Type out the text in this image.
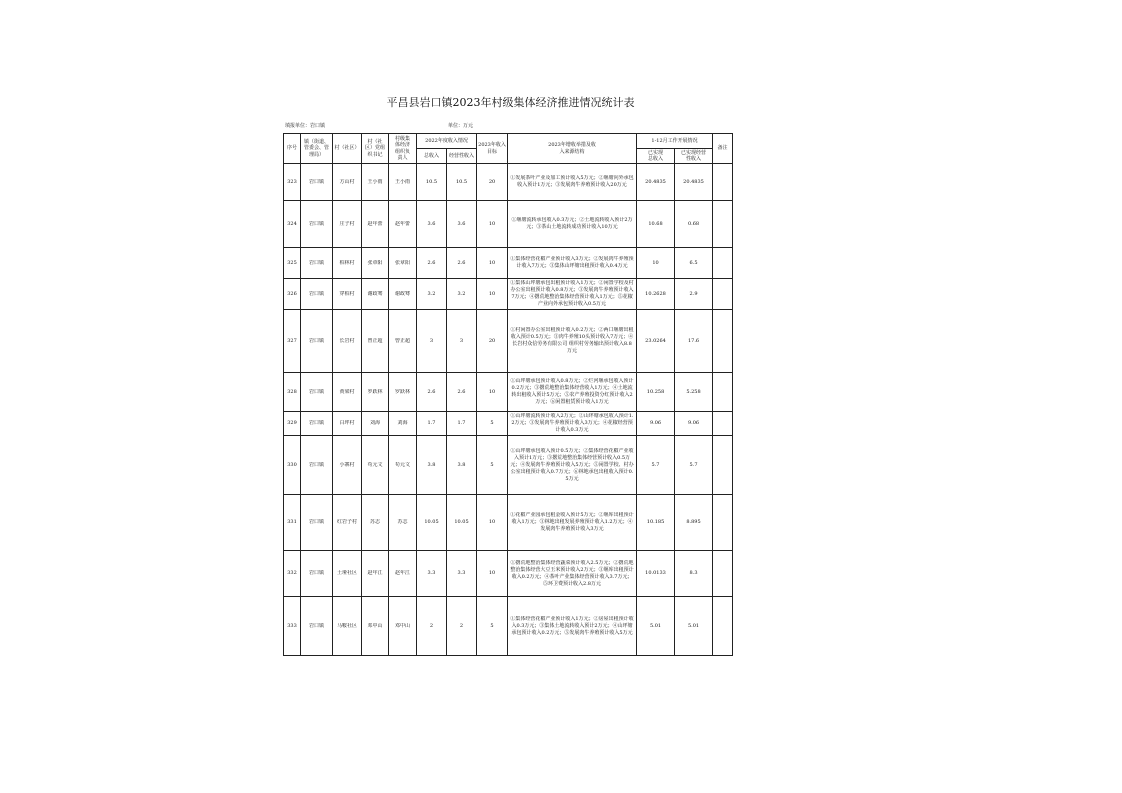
平昌县岩口镇2023年村级集体经济推进情况统计表
填报单位：岩口镇	单位：万元
序号	镇（街道、管委会、管理局）	村（社区）	村（社区）党组织书记	村级集体经济组织负责人	2022年度收入情况		2023年收入目标	2023年增收举措及收入来源结构	1-12月工作开展情况		备注
					总收入	经营性收入			已实现总收入	已实现经营性收入	

323	岩口镇	方山村	王小雨	王小雨	10.5	10.5	20	①发展茶叶产业及加工预计收入5万元；②堰塘向外承包收入预计1万元；③发展肉牛养殖预计收入20万元	20.4835	20.4835	

324	岩口镇	庄子村	赵年蕾	赵年蕾	3.6	3.6	10	①堰塘流转承包收入0.3万元；②土地流转收入预计2万元；③茶山土地流转成功预计收入10万元	10.68	0.68	

325	岩口镇	柏林村	张章阳	张章阳	2.6	2.6	10	①集体经营花椒产业预计收入3万元；②发展肉牛养殖预计收入7万元；③集体山坪塘出租预计收入0.4万元	10	6.5	

326	岩口镇	穿柏村	谢政骞	谢政骞	3.2	3.2	10	①集体山坪塘承包出租预计收入1万元；②闲置学校及村办公室出租预计收入0.8万元；③发展肉牛养殖预计收入7万元；④撂荒地整治集体经营预计收入1万元；⑤花椒产业向外承包预计收入0.5万元	10.2628	2.9	

327	岩口镇	长岩村	曾正超	曾正超	3	3	20	①村闲置办公室出租预计收入0.2万元；②两口堰塘出租收入预计0.5万元；③肉牛养殖10头预计收入7万元；④长岩村众信劳务有限公司 组织村劳务输出预计收入8.8万元	23.0264	17.6	

328	岩口镇	黄梁村	罗跃林	罗跃林	2.6	2.6	10	①山坪塘承包预计收入0.8万元；②烂河堰承包收入预计0.2万元；③撂荒地整治集体经营收入1万元；④土地流转出租收入预计5万元；⑤农产养殖投资分红预计收入2万元；⑥闲置租赁预计收入1万元	10.258	5.258	

329	岩口镇	白坪村	刘海	刘海	1.7	1.7	5	①山坪塘流转预计收入2万元；②山坪塘承包收入预计1.2万元；③发展肉牛养殖预计收入3万元；④花椒经营预计收入0.3万元	9.06	9.06	

330	岩口镇	小寨村	苟元文	苟元文	3.8	3.8	5	①山坪塘承包收入预计0.5万元；②集体经营花椒产业收入预计1万元；③撂荒地整治集体经营预计收入0.5万元；④发展肉牛养殖预计收入5万元；⑤闲置学校、村办公室出租预计收入0.7万元；⑥林地承包出租收入预计0.5万元	5.7	5.7	

331	岩口镇	红岩子村	苏志	苏志	10.05	10.05	10	①花椒产业园承包租金收入预计5万元；②堰库出租预计收入1万元；③林地出租发展养殖预计收入1.2万元；④发展肉牛养殖预计收入3万元	10.185	8.895	

332	岩口镇	土垭社区	赵年江	赵年江	3.3	3.3	10	①撂荒地整治集体经营蔬菜预计收入2.5万元；②撂荒地整治集体经营大豆玉米预计收入2万元；③堰库出租预计收入0.2万元；④茶叶产业集体经营预计收入3.7万元；⑤环卫费预计收入2.8万元	10.0133	8.3	

333	岩口镇	马鞍社区	邓中山	邓中山	2	2	5	①集体经营花椒产业预计收入1万元；②房屋出租预计收入0.3万元；③集体土地流转收入预计2万元；④山坪塘承包预计收入0.2万元；⑤发展肉牛养殖预计收入5万元	5.01	5.01	
